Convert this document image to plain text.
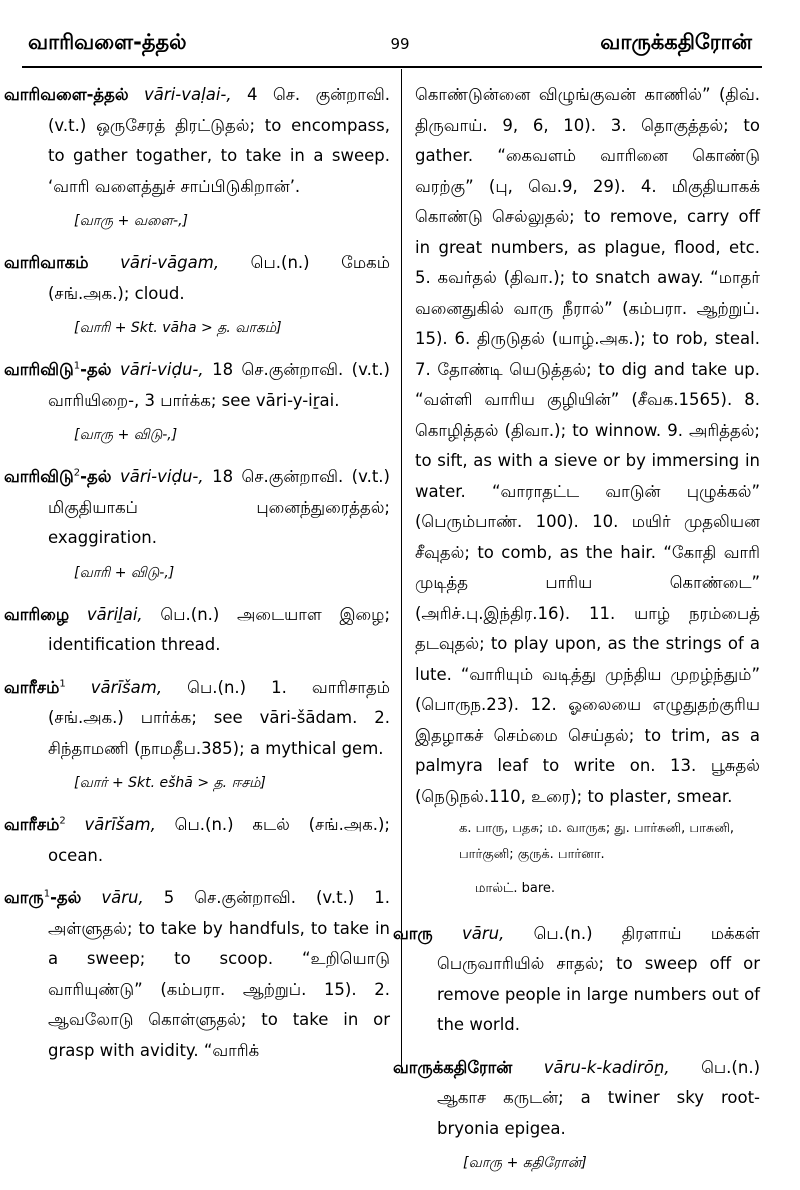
வாரிவளை-த்தல்	99	வாருக்கதிரோன்
வாரிவளை-த்தல் vāri-vaḷai-, 4 செ. குன்றாவி. (v.t.) ஒருசேரத் திரட்டுதல்; to encompass, to gather togather, to take in a sweep. ‘வாரி வளைத்துச் சாப்பிடுகிறான்’.
[வாரு + வளை-,]
வாரிவாகம் vāri-vāgam, பெ.(n.) மேகம் (சங்.அக.); cloud.
[வாரி + Skt. vāha > த. வாகம்]
வாரிவிடு$^1$-தல் vāri-viḍu-, 18 செ.குன்றாவி. (v.t.) வாரியிறை-, 3 பார்க்க; see vāri-y-iṟai.
[வாரு + விடு-,]
வாரிவிடு$^2$-தல் vāri-viḍu-, 18 செ.குன்றாவி. (v.t.) மிகுதியாகப் புனைந்துரைத்தல்; exaggiration.
[வாரி + விடு-,]
வாரிழை vāriḻai, பெ.(n.) அடையாள இழை; identification thread.
வாரீசம்$^1$ vārīšam, பெ.(n.) 1. வாரிசாதம் (சங்.அக.) பார்க்க; see vāri-šādam. 2. சிந்தாமணி (நாமதீப.385); a mythical gem.
[வார் + Skt. ešhā > த. ஈசம்]
வாரீசம்$^2$ vārīšam, பெ.(n.) கடல் (சங்.அக.); ocean.
வாரு$^1$-தல் vāru, 5 செ.குன்றாவி. (v.t.) 1. அள்ளுதல்; to take by handfuls, to take in a sweep; to scoop. “உறியொடு வாரியுண்டு” (கம்பரா. ஆற்றுப். 15). 2. ஆவலோடு கொள்ளுதல்; to take in or grasp with avidity. “வாரிக்
கொண்டுன்னை விழுங்குவன் காணில்” (திவ். திருவாய். 9, 6, 10). 3. தொகுத்தல்; to gather. “கைவளம் வாரினை கொண்டு வரற்கு” (பு, வெ.9, 29). 4. மிகுதியாகக் கொண்டு செல்லுதல்; to remove, carry off in great numbers, as plague, flood, etc. 5. கவர்தல் (திவா.); to snatch away. “மாதர் வனைதுகில் வாரு நீரால்” (கம்பரா. ஆற்றுப். 15). 6. திருடுதல் (யாழ்.அக.); to rob, steal. 7. தோண்டி யெடுத்தல்; to dig and take up. “வள்ளி வாரிய குழியின்” (சீவக.1565). 8. கொழித்தல் (திவா.); to winnow. 9. அரித்தல்; to sift, as with a sieve or by immersing in water. “வாராதட்ட வாடுன் புழுக்கல்” (பெரும்பாண். 100). 10. மயிர் முதலியன சீவுதல்; to comb, as the hair. “கோதி வாரி முடித்த பாரிய கொண்டை” (அரிச்.பு.இந்திர.16). 11. யாழ் நரம்பைத் தடவுதல்; to play upon, as the strings of a lute. “வாரியும் வடித்து முந்திய முறழ்ந்தும்” (பொருந.23). 12. ஓலையை எழுதுதற்குரிய இதழாகச் செம்மை செய்தல்; to trim, as a palmyra leaf to write on. 13. பூசுதல் (நெடுநல்.110, உரை); to plaster, smear.
க. பாரு, பதசு; ம. வாருக; து. பார்சுனி, பாசுனி, பார்குனி; குருக். பார்னா.
மால்ட். bare.
வாரு vāru, பெ.(n.) திரளாய் மக்கள் பெருவாரியில் சாதல்; to sweep off or remove people in large numbers out of the world.
வாருக்கதிரோன் vāru-k-kadirōṉ, பெ.(n.) ஆகாச கருடன்; a twiner sky root-bryonia epigea.
[வாரு + கதிரோன்]
